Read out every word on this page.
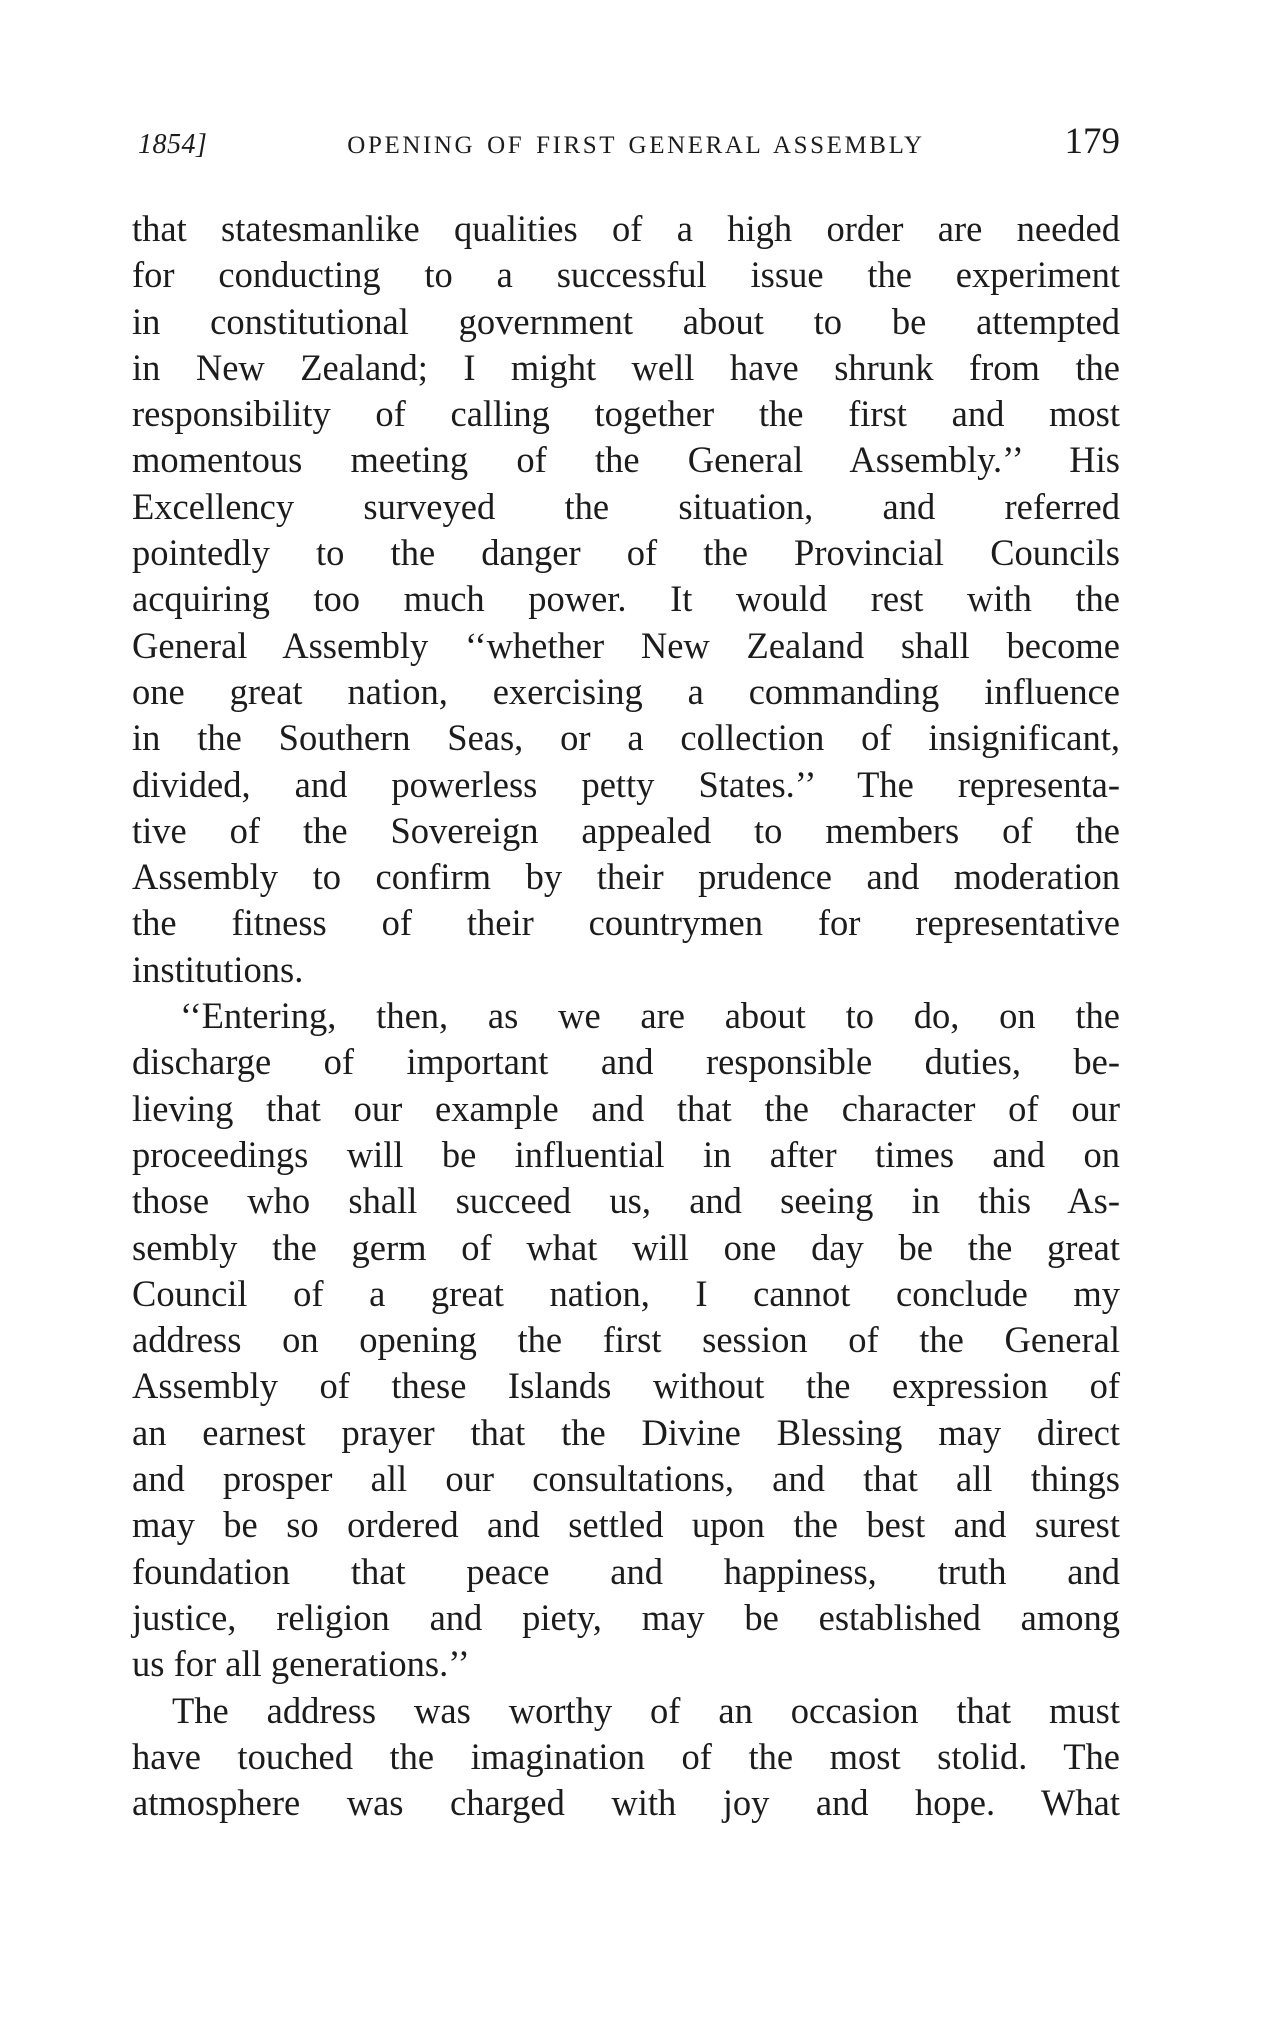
1854]	OPENING OF FIRST GENERAL ASSEMBLY	179
that statesmanlike qualities of a high order are needed
for conducting to a successful issue the experiment
in constitutional government about to be attempted
in New Zealand; I might well have shrunk from the
responsibility of calling together the first and most
momentous meeting of the General Assembly.’’ His
Excellency surveyed the situation, and referred
pointedly to the danger of the Provincial Councils
acquiring too much power. It would rest with the
General Assembly ‘‘whether New Zealand shall become
one great nation, exercising a commanding influence
in the Southern Seas, or a collection of insignificant,
divided, and powerless petty States.’’ The representa-
tive of the Sovereign appealed to members of the
Assembly to confirm by their prudence and moderation
the fitness of their countrymen for representative
institutions.
‘‘Entering, then, as we are about to do, on the
discharge of important and responsible duties, be-
lieving that our example and that the character of our
proceedings will be influential in after times and on
those who shall succeed us, and seeing in this As-
sembly the germ of what will one day be the great
Council of a great nation, I cannot conclude my
address on opening the first session of the General
Assembly of these Islands without the expression of
an earnest prayer that the Divine Blessing may direct
and prosper all our consultations, and that all things
may be so ordered and settled upon the best and surest
foundation that peace and happiness, truth and
justice, religion and piety, may be established among
us for all generations.’’
The address was worthy of an occasion that must
have touched the imagination of the most stolid. The
atmosphere was charged with joy and hope. What
